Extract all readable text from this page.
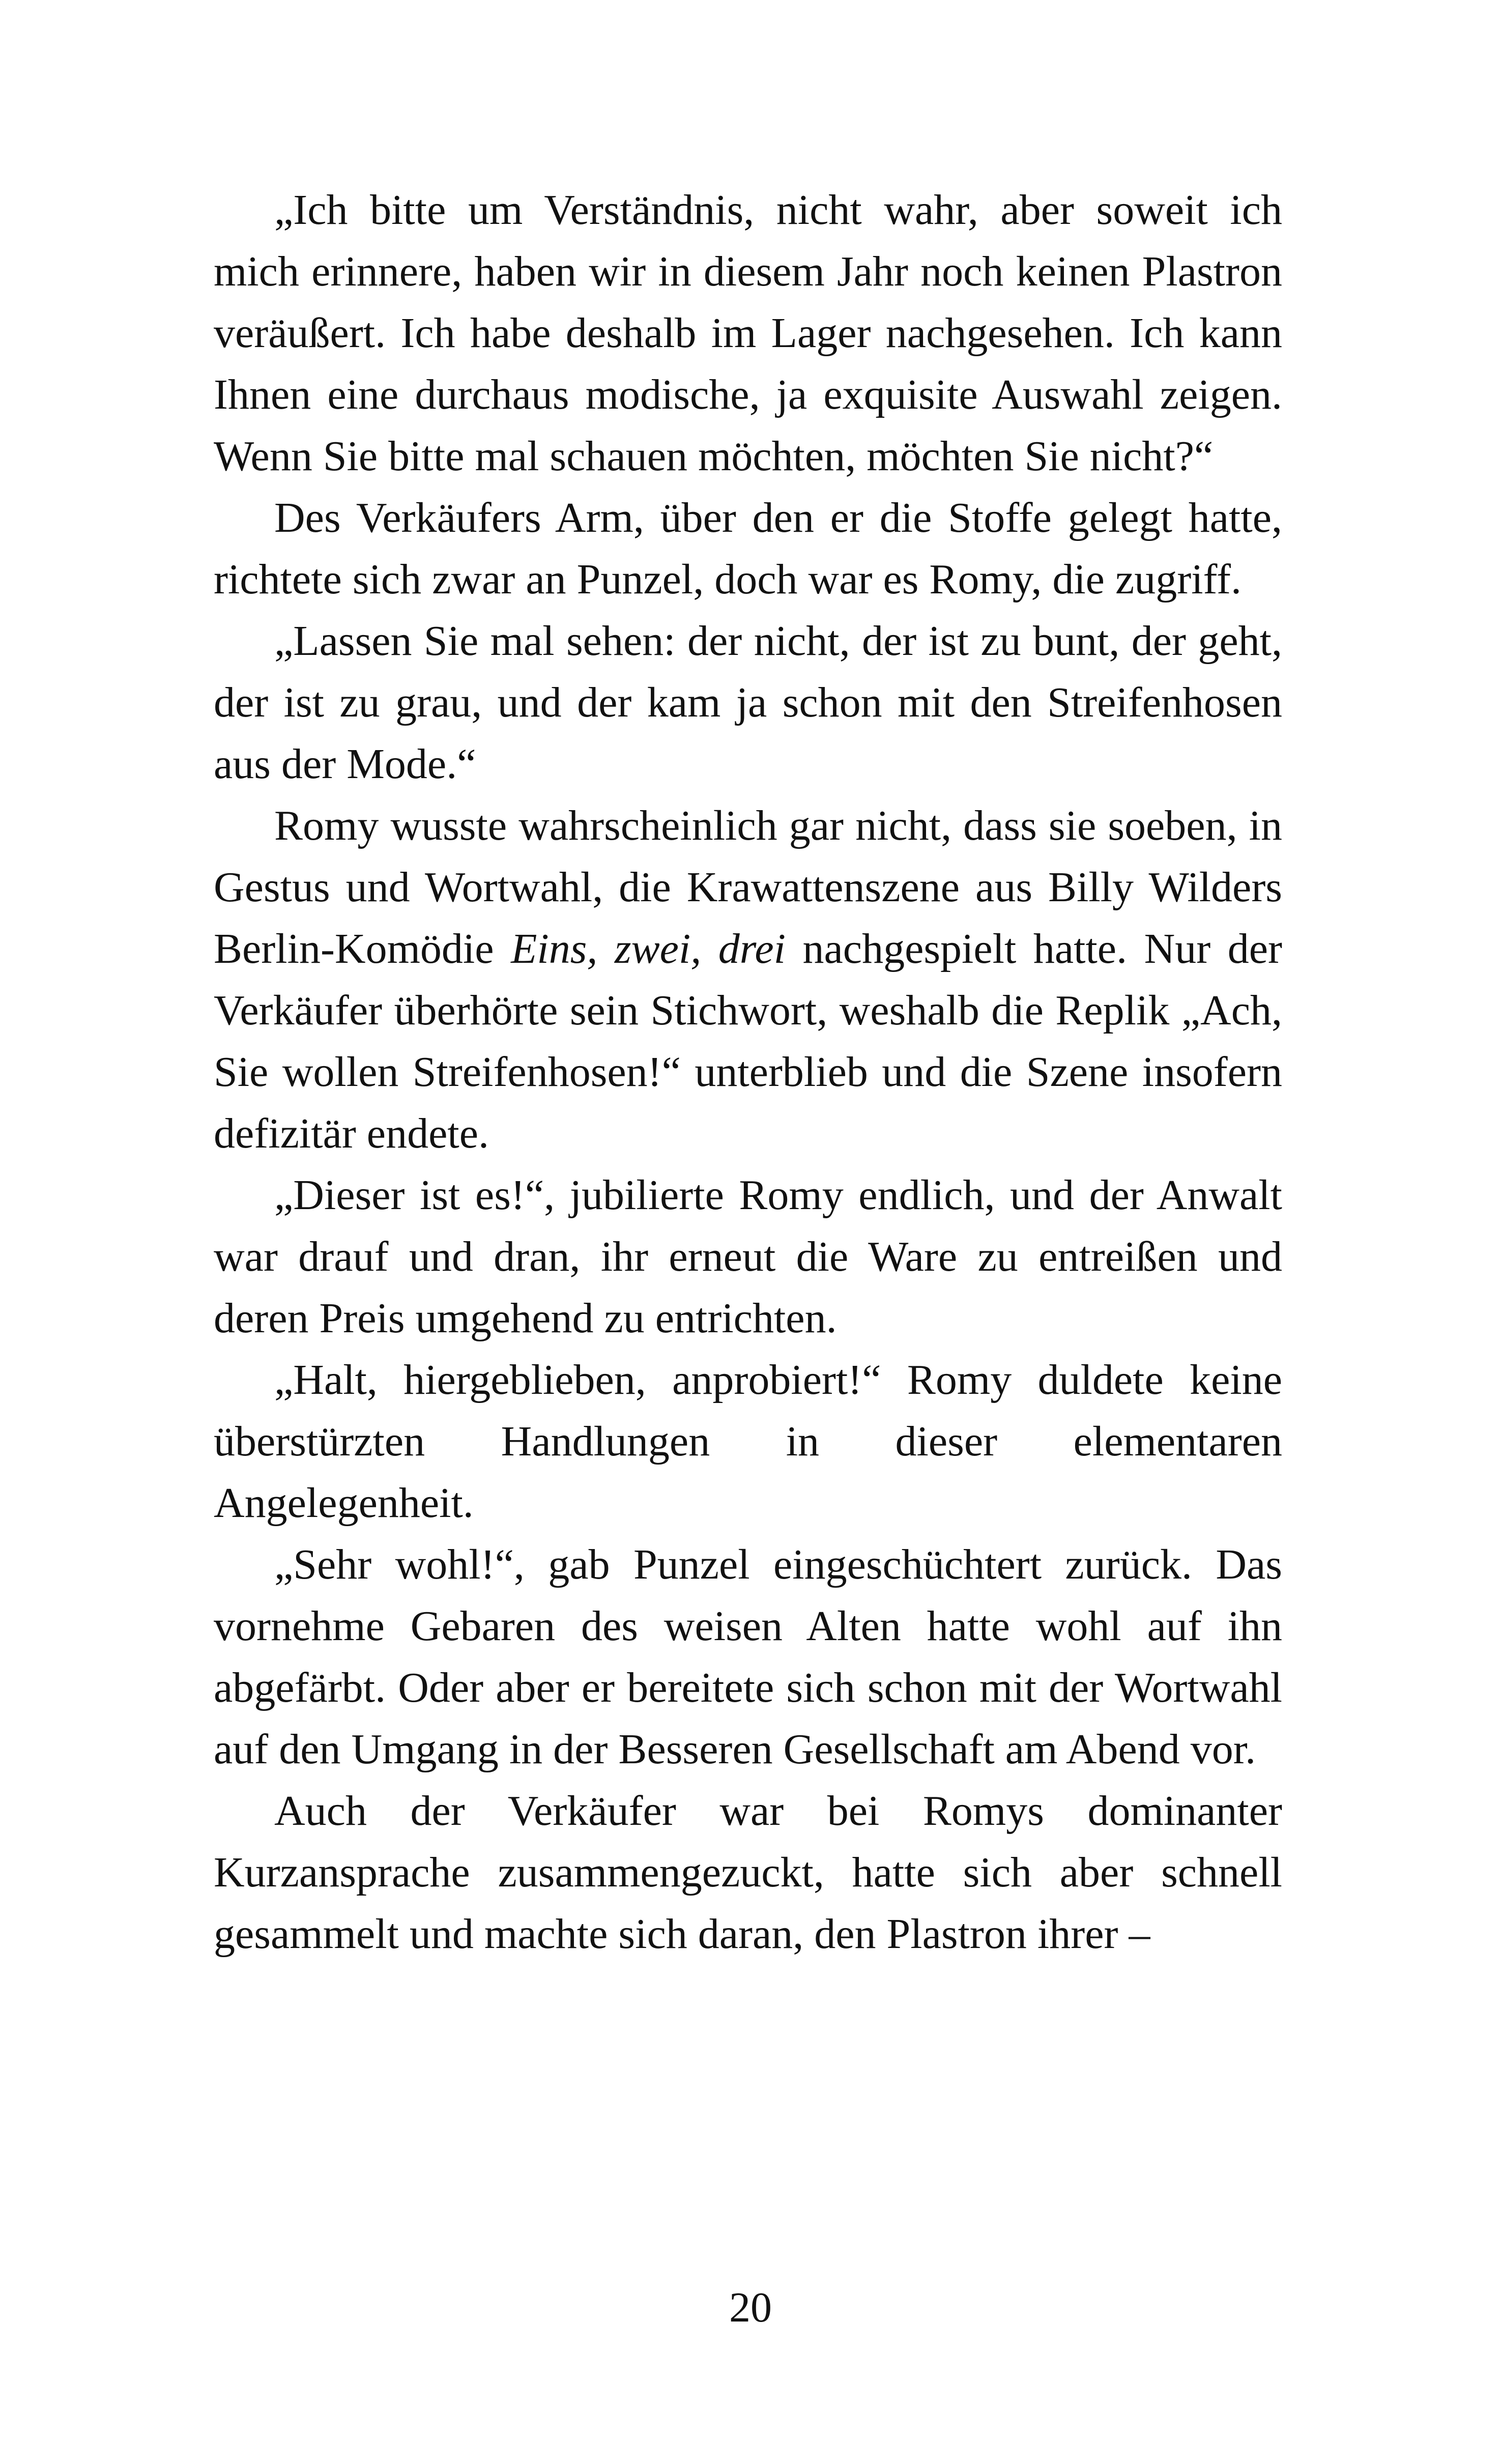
„Ich bitte um Verständnis, nicht wahr, aber soweit ich mich erinnere, haben wir in diesem Jahr noch keinen Plastron veräußert. Ich habe deshalb im Lager nachgesehen. Ich kann Ihnen eine durchaus modische, ja exquisite Auswahl zeigen. Wenn Sie bitte mal schauen möchten, möchten Sie nicht?“

Des Verkäufers Arm, über den er die Stoffe gelegt hatte, richtete sich zwar an Punzel, doch war es Romy, die zugriff.

„Lassen Sie mal sehen: der nicht, der ist zu bunt, der geht, der ist zu grau, und der kam ja schon mit den Streifenhosen aus der Mode.“

Romy wusste wahrscheinlich gar nicht, dass sie soeben, in Gestus und Wortwahl, die Krawattenszene aus Billy Wilders Berlin-Komödie Eins, zwei, drei nachgespielt hatte. Nur der Verkäufer überhörte sein Stichwort, weshalb die Replik „Ach, Sie wollen Streifenhosen!“ unterblieb und die Szene insofern defizitär endete.

„Dieser ist es!“, jubilierte Romy endlich, und der Anwalt war drauf und dran, ihr erneut die Ware zu entreißen und deren Preis umgehend zu entrichten.

„Halt, hiergeblieben, anprobiert!“ Romy duldete keine überstürzten Handlungen in dieser elementaren Angelegenheit.

„Sehr wohl!“, gab Punzel eingeschüchtert zurück. Das vornehme Gebaren des weisen Alten hatte wohl auf ihn abgefärbt. Oder aber er bereitete sich schon mit der Wortwahl auf den Umgang in der Besseren Gesellschaft am Abend vor.

Auch der Verkäufer war bei Romys dominanter Kurzansprache zusammengezuckt, hatte sich aber schnell gesammelt und machte sich daran, den Plastron ihrer –

20
